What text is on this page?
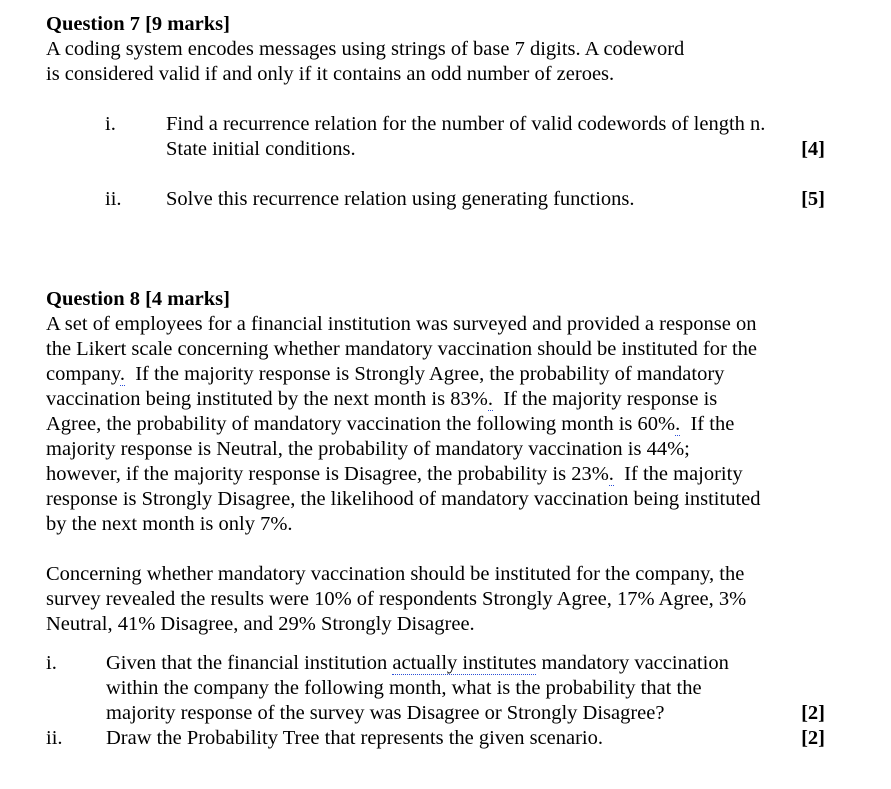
Question 7 [9 marks]
A coding system encodes messages using strings of base 7 digits. A codeword
is considered valid if and only if it contains an odd number of zeroes.
i. Find a recurrence relation for the number of valid codewords of length n.
State initial conditions.	[4]
ii. Solve this recurrence relation using generating functions.	[5]
Question 8 [4 marks]
A set of employees for a financial institution was surveyed and provided a response on
the Likert scale concerning whether mandatory vaccination should be instituted for the
company.  If the majority response is Strongly Agree, the probability of mandatory
vaccination being instituted by the next month is 83%.  If the majority response is
Agree, the probability of mandatory vaccination the following month is 60%.  If the
majority response is Neutral, the probability of mandatory vaccination is 44%;
however, if the majority response is Disagree, the probability is 23%.  If the majority
response is Strongly Disagree, the likelihood of mandatory vaccination being instituted
by the next month is only 7%.
Concerning whether mandatory vaccination should be instituted for the company, the
survey revealed the results were 10% of respondents Strongly Agree, 17% Agree, 3%
Neutral, 41% Disagree, and 29% Strongly Disagree.
i. Given that the financial institution actually institutes mandatory vaccination
within the company the following month, what is the probability that the
majority response of the survey was Disagree or Strongly Disagree?	[2]
ii. Draw the Probability Tree that represents the given scenario.	[2]
